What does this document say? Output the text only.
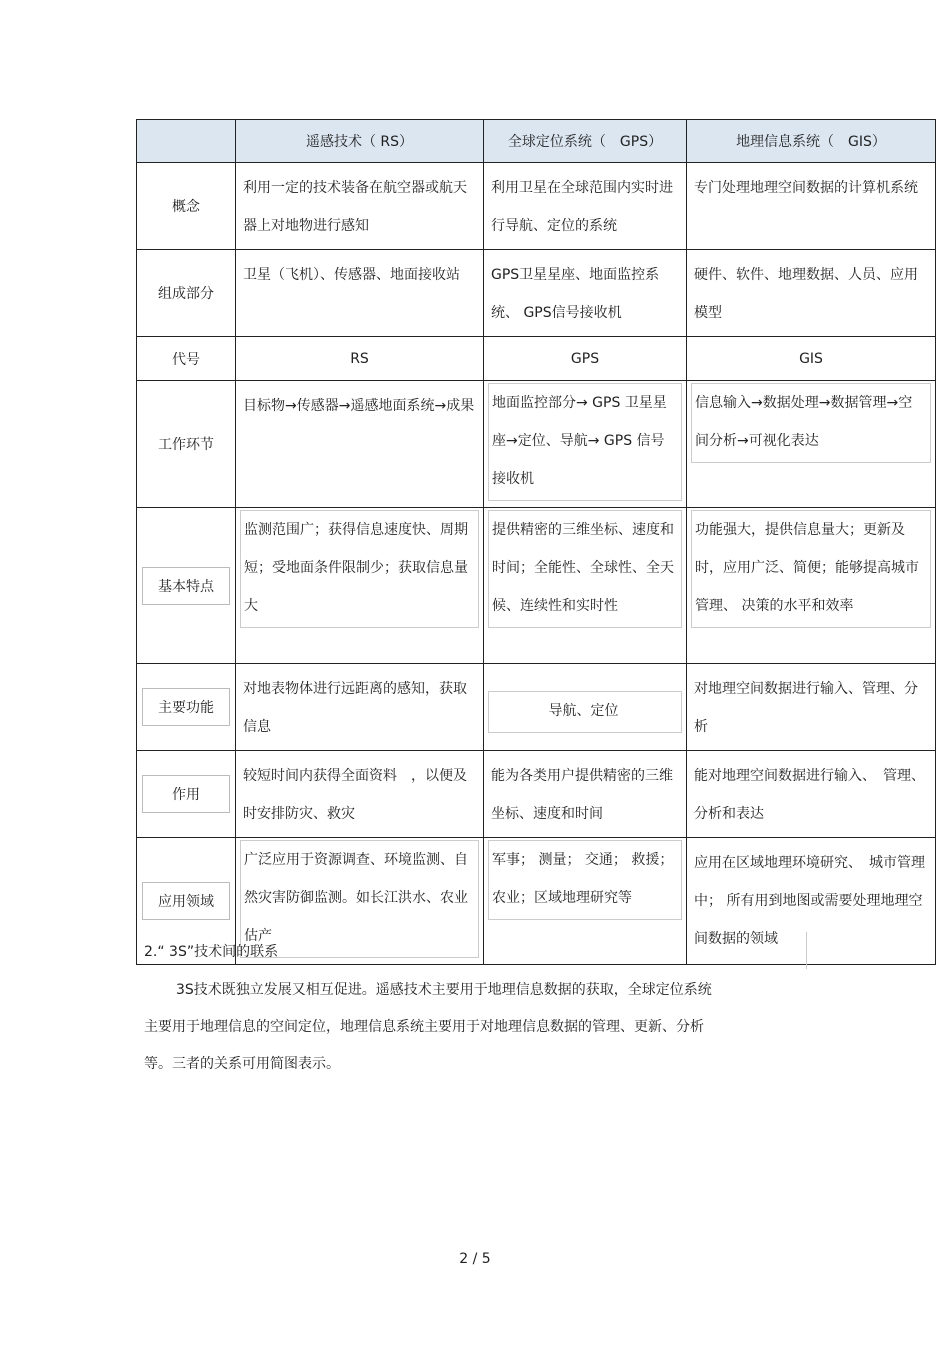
	遥感技术（ RS）	全球定位系统（　GPS）	地理信息系统（　GIS）
概念	利用一定的技术装备在航空器或航天器上对地物进行感知	利用卫星在全球范围内实时进行导航、定位的系统	专门处理地理空间数据的计算机系统

组成部分	卫星（飞机）、传感器、地面接收站	GPS卫星星座、地面监控系统、 GPS信号接收机	硬件、软件、地理数据、人员、应用模型

代号	RS	GPS	GIS
工作环节	目标物→传感器→遥感地面系统→成果	地面监控部分→ GPS 卫星星座→定位、导航→ GPS 信号接收机	信息输入→数据处理→数据管理→空间分析→可视化表达

基本特点	监测范围广；获得信息速度快、周期短；受地面条件限制少；获取信息量大	提供精密的三维坐标、速度和时间；全能性、全球性、全天候、连续性和实时性	功能强大，提供信息量大；更新及时，应用广泛、简便；能够提高城市管理、 决策的水平和效率

主要功能	对地表物体进行远距离的感知，获取信息	导航、定位	对地理空间数据进行输入、管理、分析

作用	较短时间内获得全面资料　，以便及时安排防灾、救灾	能为各类用户提供精密的三维坐标、速度和时间	能对地理空间数据进行输入、　管理、分析和表达

应用领域	广泛应用于资源调查、环境监测、自然灾害防御监测。如长江洪水、农业估产	军事； 测量； 交通； 救援；农业；区域地理研究等	应用在区域地理环境研究、　城市管理中； 所有用到地图或需要处理地理空间数据的领域
2.“ 3S”技术间的联系
3S技术既独立发展又相互促进。遥感技术主要用于地理信息数据的获取，全球定位系统
主要用于地理信息的空间定位，地理信息系统主要用于对地理信息数据的管理、更新、分析
等。三者的关系可用简图表示。
2 / 5
